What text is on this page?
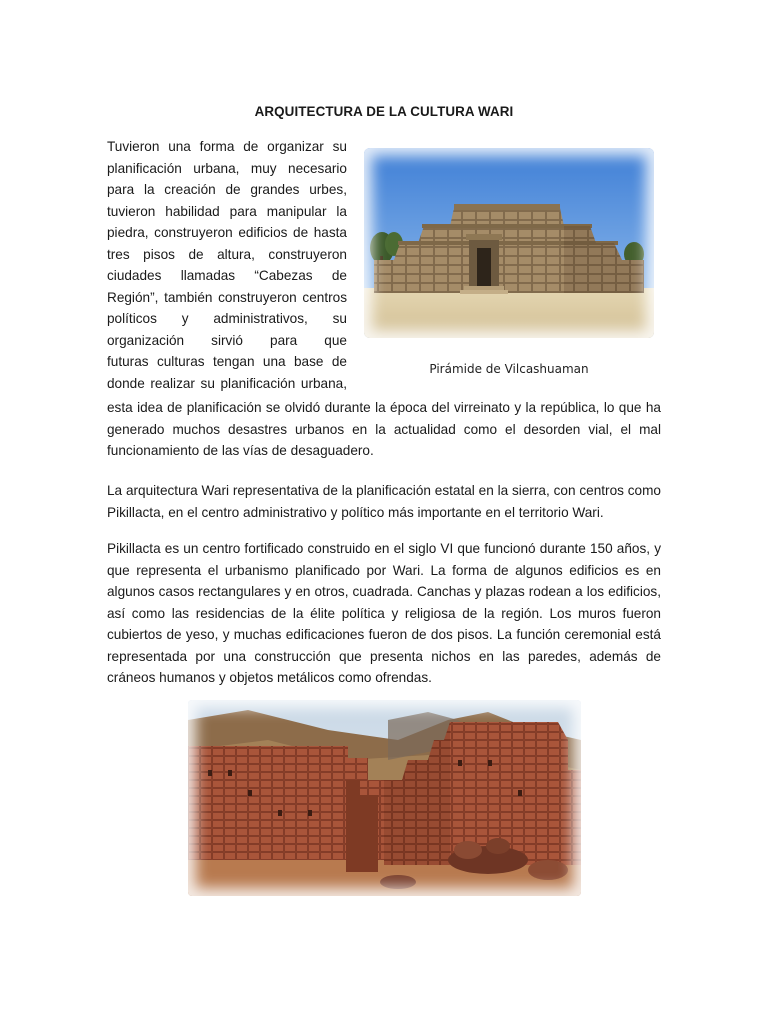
ARQUITECTURA DE LA CULTURA WARI

Tuvieron una forma de organizar su

planificación urbana, muy necesario

para la creación de grandes urbes,

tuvieron habilidad para manipular la

piedra, construyeron edificios de hasta

tres pisos de altura, construyeron

ciudades llamadas “Cabezas de

Región”, también construyeron centros

políticos y administrativos, su

organización sirvió para que

futuras culturas tengan una base de

donde realizar su planificación urbana,

Pirámide de Vilcashuaman

esta idea de planificación se olvidó durante la época del virreinato y la república, lo que ha generado muchos desastres urbanos en la actualidad como el desorden vial, el mal funcionamiento de las vías de desaguadero.

La arquitectura Wari representativa de la planificación estatal en la sierra, con centros como Pikillacta, en el centro administrativo y político más importante en el territorio Wari.

Pikillacta es un centro fortificado construido en el siglo VI que funcionó durante 150 años, y que representa el urbanismo planificado por Wari. La forma de algunos edificios es en algunos casos rectangulares y en otros, cuadrada. Canchas y plazas rodean a los edificios, así como las residencias de la élite política y religiosa de la región. Los muros fueron cubiertos de yeso, y muchas edificaciones fueron de dos pisos. La función ceremonial está representada por una construcción que presenta nichos en las paredes, además de cráneos humanos y objetos metálicos como ofrendas.
